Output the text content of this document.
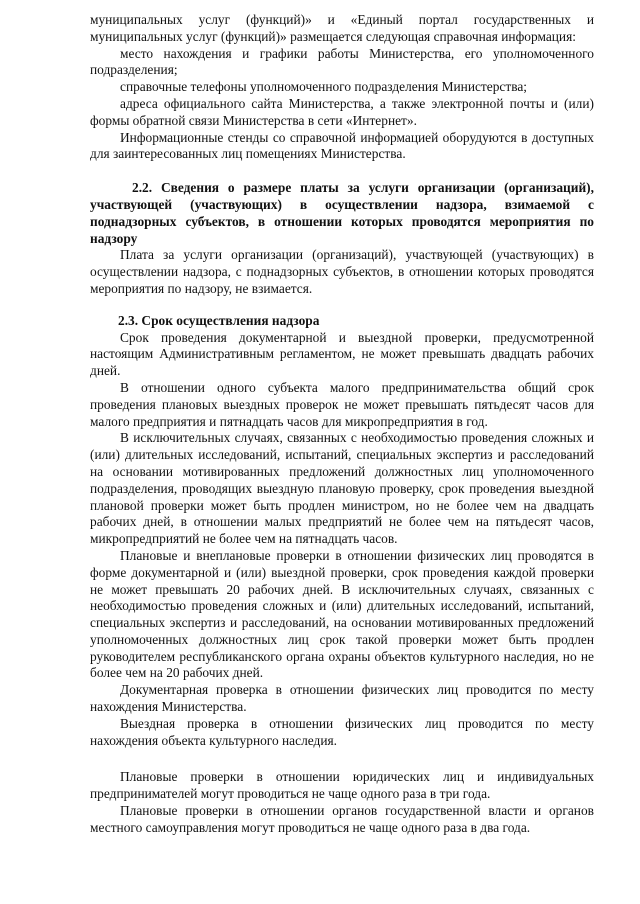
муниципальных услуг (функций)» и «Единый портал государственных и муниципальных услуг (функций)» размещается следующая справочная информация:

место нахождения и графики работы Министерства, его уполномоченного подразделения;

справочные телефоны уполномоченного подразделения Министерства;

адреса официального сайта Министерства, а также электронной почты и (или) формы обратной связи Министерства в сети «Интернет».

Информационные стенды со справочной информацией оборудуются в доступных для заинтересованных лиц помещениях Министерства.

2.2. Сведения о размере платы за услуги организации (организаций), участвующей (участвующих) в осуществлении надзора, взимаемой с поднадзорных субъектов, в отношении которых проводятся мероприятия по надзору

Плата за услуги организации (организаций), участвующей (участвующих) в осуществлении надзора, с поднадзорных субъектов, в отношении которых проводятся мероприятия по надзору, не взимается.

2.3. Срок осуществления надзора

Срок проведения документарной и выездной проверки, предусмотренной настоящим Административным регламентом, не может превышать двадцать рабочих дней.

В отношении одного субъекта малого предпринимательства общий срок проведения плановых выездных проверок не может превышать пятьдесят часов для малого предприятия и пятнадцать часов для микропредприятия в год.

В исключительных случаях, связанных с необходимостью проведения сложных и (или) длительных исследований, испытаний, специальных экспертиз и расследований на основании мотивированных предложений должностных лиц уполномоченного подразделения, проводящих выездную плановую проверку, срок проведения выездной плановой проверки может быть продлен министром, но не более чем на двадцать рабочих дней, в отношении малых предприятий не более чем на пятьдесят часов, микропредприятий не более чем на пятнадцать часов.

Плановые и внеплановые проверки в отношении физических лиц проводятся в форме документарной и (или) выездной проверки, срок проведения каждой проверки не может превышать 20 рабочих дней. В исключительных случаях, связанных с необходимостью проведения сложных и (или) длительных исследований, испытаний, специальных экспертиз и расследований, на основании мотивированных предложений уполномоченных должностных лиц срок такой проверки может быть продлен руководителем республиканского органа охраны объектов культурного наследия, но не более чем на 20 рабочих дней.

Документарная проверка в отношении физических лиц проводится по месту нахождения Министерства.

Выездная проверка в отношении физических лиц проводится по месту нахождения объекта культурного наследия.

Плановые проверки в отношении юридических лиц и индивидуальных предпринимателей могут проводиться не чаще одного раза в три года.

Плановые проверки в отношении органов государственной власти и органов местного самоуправления могут проводиться не чаще одного раза в два года.
